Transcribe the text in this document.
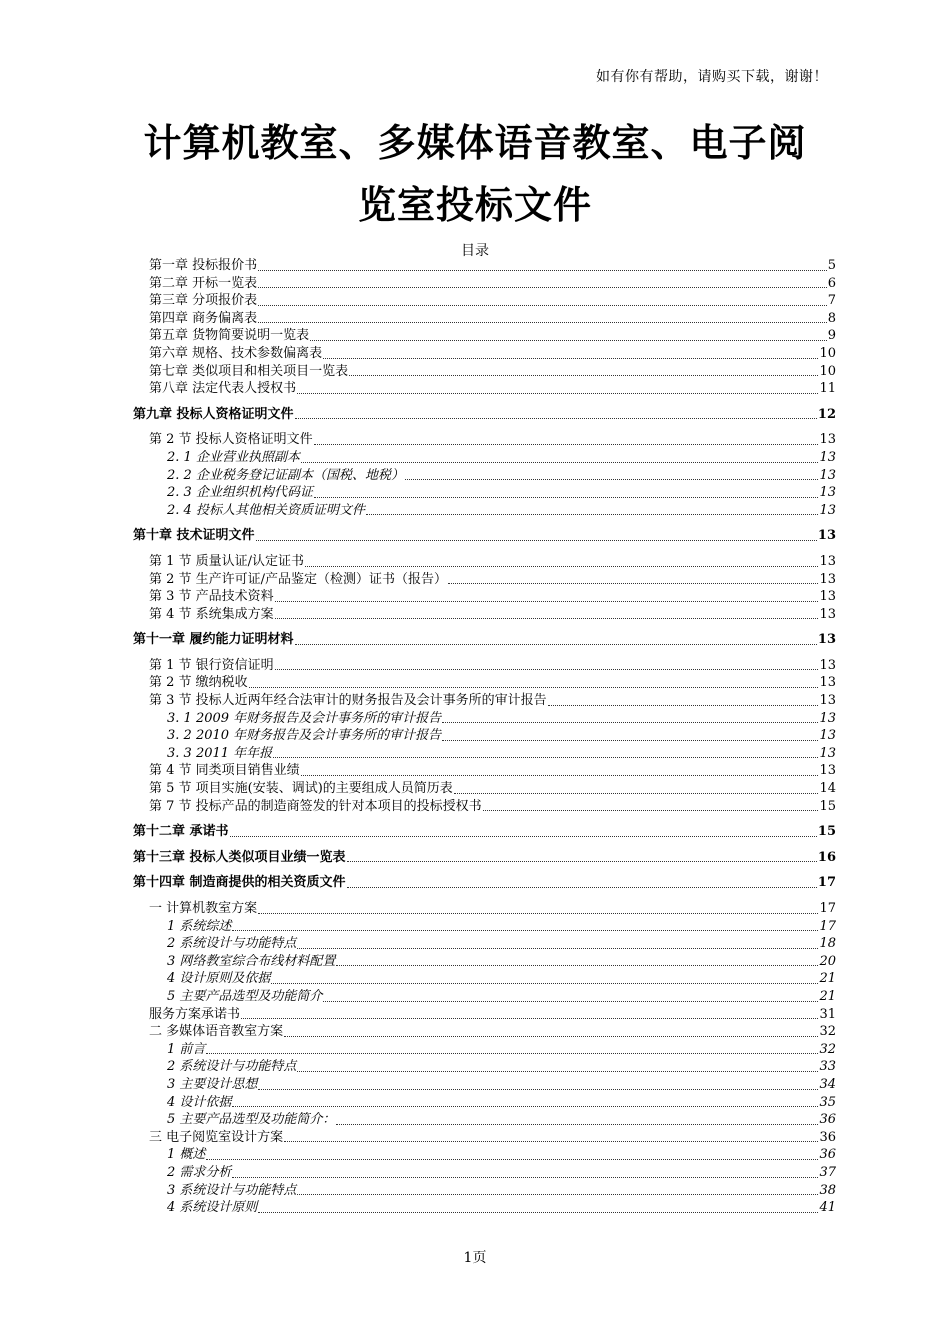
如有你有帮助，请购买下载，谢谢！
计算机教室、多媒体语音教室、电子阅
览室投标文件
目录
第一章 投标报价书	5
第二章 开标一览表	6
第三章 分项报价表	7
第四章 商务偏离表	8
第五章 货物简要说明一览表	9
第六章 规格、技术参数偏离表	10
第七章 类似项目和相关项目一览表	10
第八章 法定代表人授权书	11
第九章 投标人资格证明文件	12
第 2 节 投标人资格证明文件	13
2. 1 企业营业执照副本	13
2. 2 企业税务登记证副本（国税、地税）	13
2. 3 企业组织机构代码证	13
2. 4 投标人其他相关资质证明文件	13
第十章 技术证明文件	13
第 1 节 质量认证/认定证书	13
第 2 节 生产许可证/产品鉴定（检测）证书（报告）	13
第 3 节 产品技术资料	13
第 4 节 系统集成方案	13
第十一章 履约能力证明材料	13
第 1 节 银行资信证明	13
第 2 节 缴纳税收	13
第 3 节 投标人近两年经合法审计的财务报告及会计事务所的审计报告	13
3. 1 2009 年财务报告及会计事务所的审计报告	13
3. 2 2010 年财务报告及会计事务所的审计报告	13
3. 3 2011 年年报	13
第 4 节 同类项目销售业绩	13
第 5 节 项目实施(安装、调试)的主要组成人员简历表	14
第 7 节 投标产品的制造商签发的针对本项目的投标授权书	15
第十二章 承诺书	15
第十三章 投标人类似项目业绩一览表	16
第十四章 制造商提供的相关资质文件	17
一 计算机教室方案	17
1 系统综述	17
2 系统设计与功能特点	18
3 网络教室综合布线材料配置	20
4 设计原则及依据	21
5 主要产品选型及功能简介	21
服务方案承诺书	31
二 多媒体语音教室方案	32
1 前言	32
2 系统设计与功能特点	33
3 主要设计思想	34
4 设计依据	35
5 主要产品选型及功能简介：	36
三 电子阅览室设计方案	36
1 概述	36
2 需求分析	37
3 系统设计与功能特点	38
4 系统设计原则	41
1页
